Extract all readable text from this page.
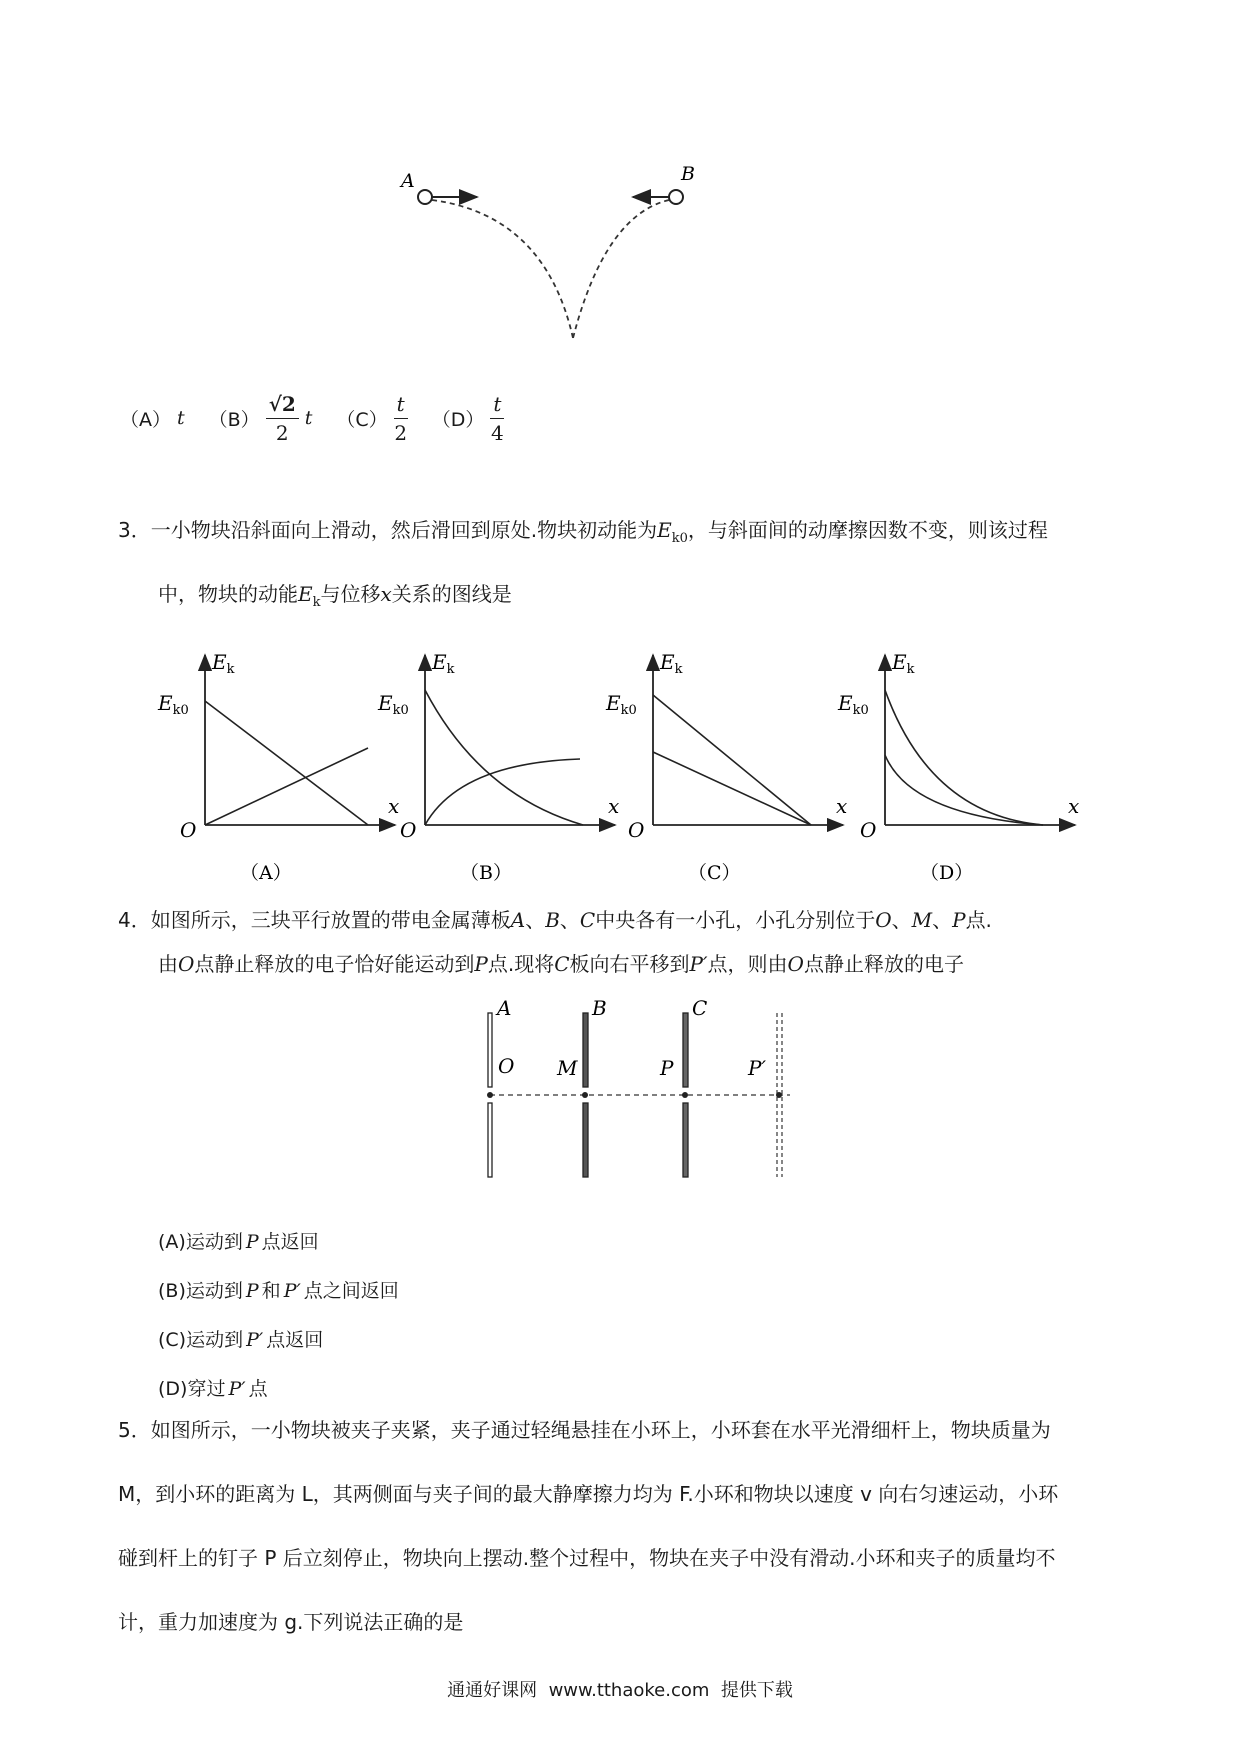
A	B
（A） t $(B) \frac{√2}{2}$ t $(C) \frac{t}{2} (D) \frac{t}{4}$
3．一小物块沿斜面向上滑动，然后滑回到原处.物块初动能为$E_{k0}$，与斜面间的动摩擦因数不变，则该过程
中，物块的动能$E_k$与位移x关系的图线是
$E_k$
$E_{k0}$
O
x
（A）
$E_k$
$E_{k0}$
O
x
（B）
$E_k$
$E_{k0}$
O
x
（C）
$E_k$
$E_{k0}$
O
x
（D）
4．如图所示，三块平行放置的带电金属薄板A、B、C中央各有一小孔，小孔分别位于O、M、P点.
由O点静止释放的电子恰好能运动到P点.现将C板向右平移到P′点，则由O点静止释放的电子
A	B	C
O M	P	P′
(A)运动到 P 点返回
(B)运动到 P 和 P′ 点之间返回
(C)运动到 P′ 点返回
(D)穿过 P′ 点
5．如图所示，一小物块被夹子夹紧，夹子通过轻绳悬挂在小环上，小环套在水平光滑细杆上，物块质量为
M，到小环的距离为 L，其两侧面与夹子间的最大静摩擦力均为 F.小环和物块以速度 v 向右匀速运动，小环
碰到杆上的钉子 P 后立刻停止，物块向上摆动.整个过程中，物块在夹子中没有滑动.小环和夹子的质量均不
计，重力加速度为 g.下列说法正确的是
通通好课网  www.tthaoke.com  提供下载
